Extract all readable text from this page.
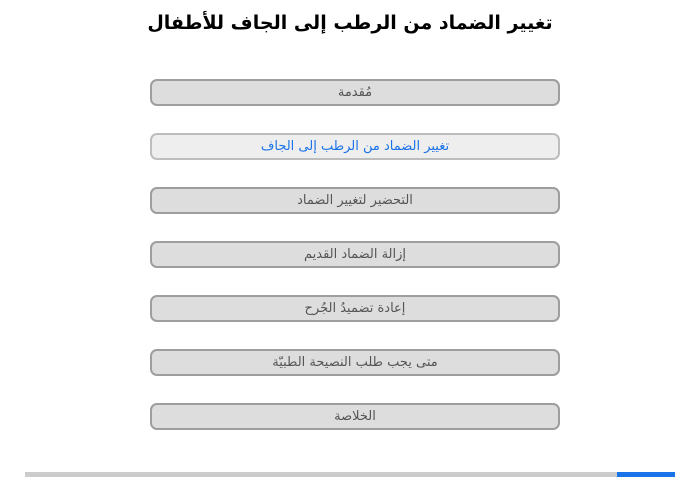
تغيير الضماد من الرطب إلى الجاف للأطفال
مُقدمة
تغيير الضماد من الرطب إلى الجاف
التحضير لتغيير الضماد
إزالة الضماد القديم
إعادة تضميدُ الجُرح
متى يجب طلب النصيحة الطبيّة
الخلاصة
